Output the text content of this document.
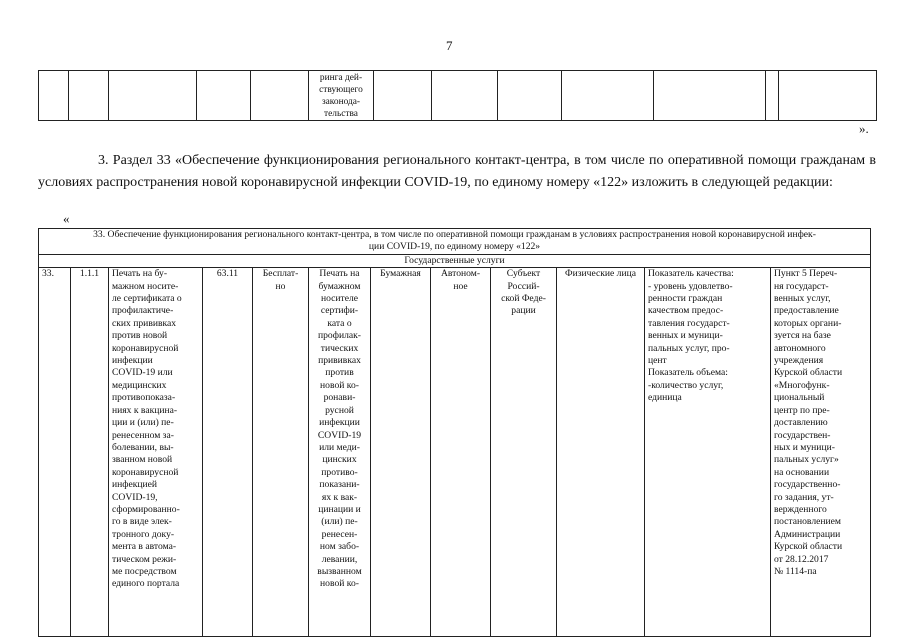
7
					ринга дей-
ствующего
законода-
тельства							
».
3. Раздел 33 «Обеспечение функционирования регионального контакт-центра, в том числе по оперативной помощи гражданам в условиях распространения новой коронавирусной инфекции COVID-19, по единому номеру «122» изложить в следующей редакции:
«
33. Обеспечение функционирования регионального контакт-центра, в том числе по оперативной помощи гражданам в условиях распространения новой коронавирусной инфек-
ции COVID-19, по единому номеру «122»
Государственные услуги
33.	1.1.1	Печать на бу-
мажном носите-
ле сертификата о
профилактиче-
ских прививках
против новой
коронавирусной
инфекции
COVID-19 или
медицинских
противопоказа-
ниях к вакцина-
ции и (или) пе-
ренесенном за-
болевании, вы-
званном новой
коронавирусной
инфекцией
COVID-19,
сформированно-
го в виде элек-
тронного доку-
мента в автома-
тическом режи-
ме посредством
единого портала	63.11	Бесплат-
но	Печать на
бумажном
носителе
сертифи-
ката о
профилак-
тических
прививках
против
новой ко-
ронави-
русной
инфекции
COVID-19
или меди-
цинских
противо-
показани-
ях к вак-
цинации и
(или) пе-
ренесен-
ном забо-
левании,
вызванном
новой ко-	Бумажная	Автоном-
ное	Субъект
Россий-
ской Феде-
рации	Физические лица	Показатель качества:
- уровень удовлетво-
ренности граждан
качеством предос-
тавления государст-
венных и муници-
пальных услуг, про-
цент
Показатель объема:
-количество услуг,
единица	Пункт 5 Переч-
ня государст-
венных услуг,
предоставление
которых органи-
зуется на базе
автономного
учреждения
Курской области
«Многофунк-
циональный
центр по пре-
доставлению
государствен-
ных и муници-
пальных услуг»
на основании
государственно-
го задания, ут-
вержденного
постановлением
Администрации
Курской области
от 28.12.2017
№ 1114-па
